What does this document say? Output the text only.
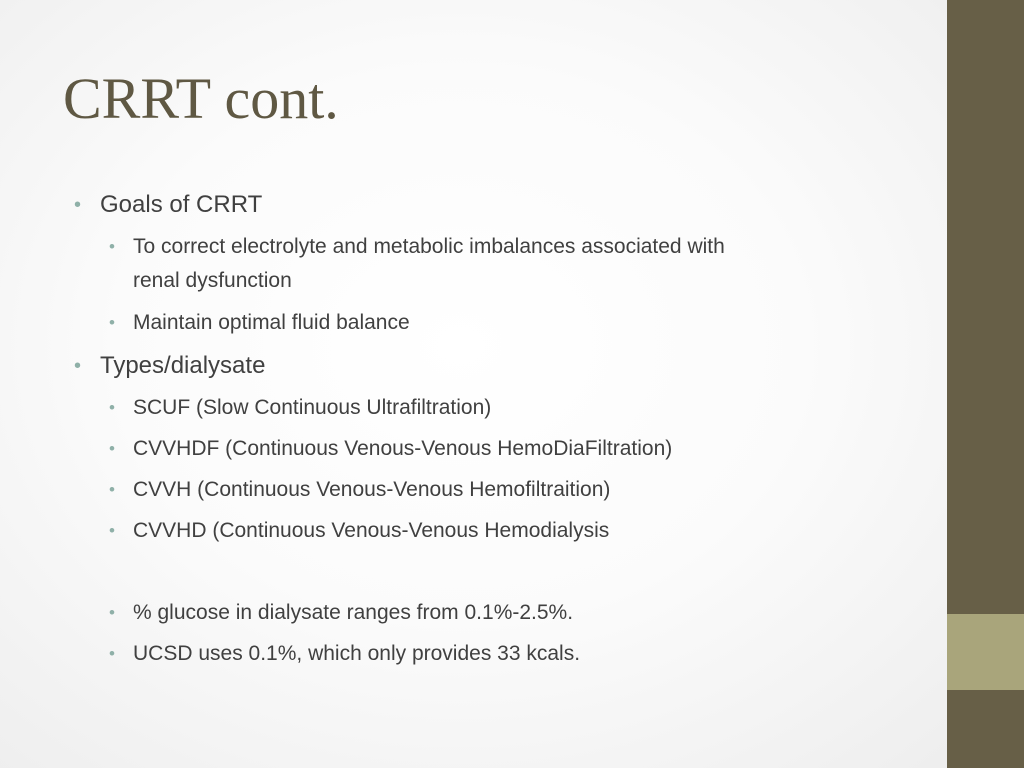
CRRT cont.
• Goals of CRRT
• To correct electrolyte and metabolic imbalances associated with
renal dysfunction
• Maintain optimal fluid balance
• Types/dialysate
• SCUF (Slow Continuous Ultrafiltration)
• CVVHDF (Continuous Venous-Venous HemoDiaFiltration)
• CVVH (Continuous Venous-Venous Hemofiltraition)
• CVVHD (Continuous Venous-Venous Hemodialysis
• % glucose in dialysate ranges from 0.1%-2.5%.
• UCSD uses 0.1%, which only provides 33 kcals.
